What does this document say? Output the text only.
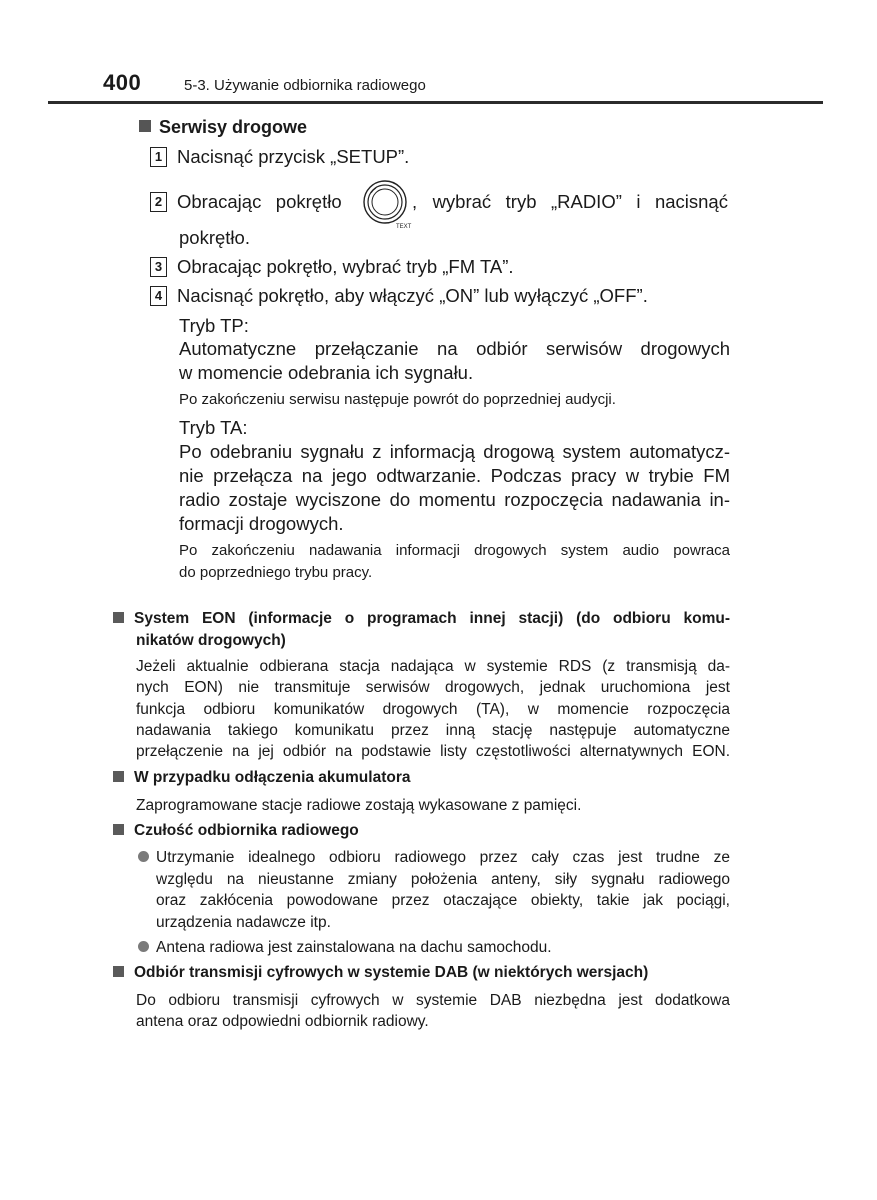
400	5-3. Używanie odbiornika radiowego
Serwisy drogowe
1 Nacisnąć przycisk „SETUP”.
2 Obracając pokrętło	wybrać tryb „RADIO” i nacisnąć
,
TEXT
pokrętło.
3 Obracając pokrętło, wybrać tryb „FM TA”.
4 Nacisnąć pokrętło, aby włączyć „ON” lub wyłączyć „OFF”.
Tryb TP:
Automatyczne przełączanie na odbiór serwisów drogowych
w momencie odebrania ich sygnału.
Po zakończeniu serwisu następuje powrót do poprzedniej audycji.
Tryb TA:
Po odebraniu sygnału z informacją drogową system automatycz-
nie przełącza na jego odtwarzanie. Podczas pracy w trybie FM
radio zostaje wyciszone do momentu rozpoczęcia nadawania in-
formacji drogowych.
Po zakończeniu nadawania informacji drogowych system audio powraca
do poprzedniego trybu pracy.
System EON (informacje o programach innej stacji) (do odbioru komu-
nikatów drogowych)
Jeżeli aktualnie odbierana stacja nadająca w systemie RDS (z transmisją da-
nych EON) nie transmituje serwisów drogowych, jednak uruchomiona jest
funkcja odbioru komunikatów drogowych (TA), w momencie rozpoczęcia
nadawania takiego komunikatu przez inną stację następuje automatyczne
przełączenie na jej odbiór na podstawie listy częstotliwości alternatywnych EON.
W przypadku odłączenia akumulatora
Zaprogramowane stacje radiowe zostają wykasowane z pamięci.
Czułość odbiornika radiowego
Utrzymanie idealnego odbioru radiowego przez cały czas jest trudne ze
względu na nieustanne zmiany położenia anteny, siły sygnału radiowego
oraz zakłócenia powodowane przez otaczające obiekty, takie jak pociągi,
urządzenia nadawcze itp.
Antena radiowa jest zainstalowana na dachu samochodu.
Odbiór transmisji cyfrowych w systemie DAB (w niektórych wersjach)
Do odbioru transmisji cyfrowych w systemie DAB niezbędna jest dodatkowa
antena oraz odpowiedni odbiornik radiowy.
